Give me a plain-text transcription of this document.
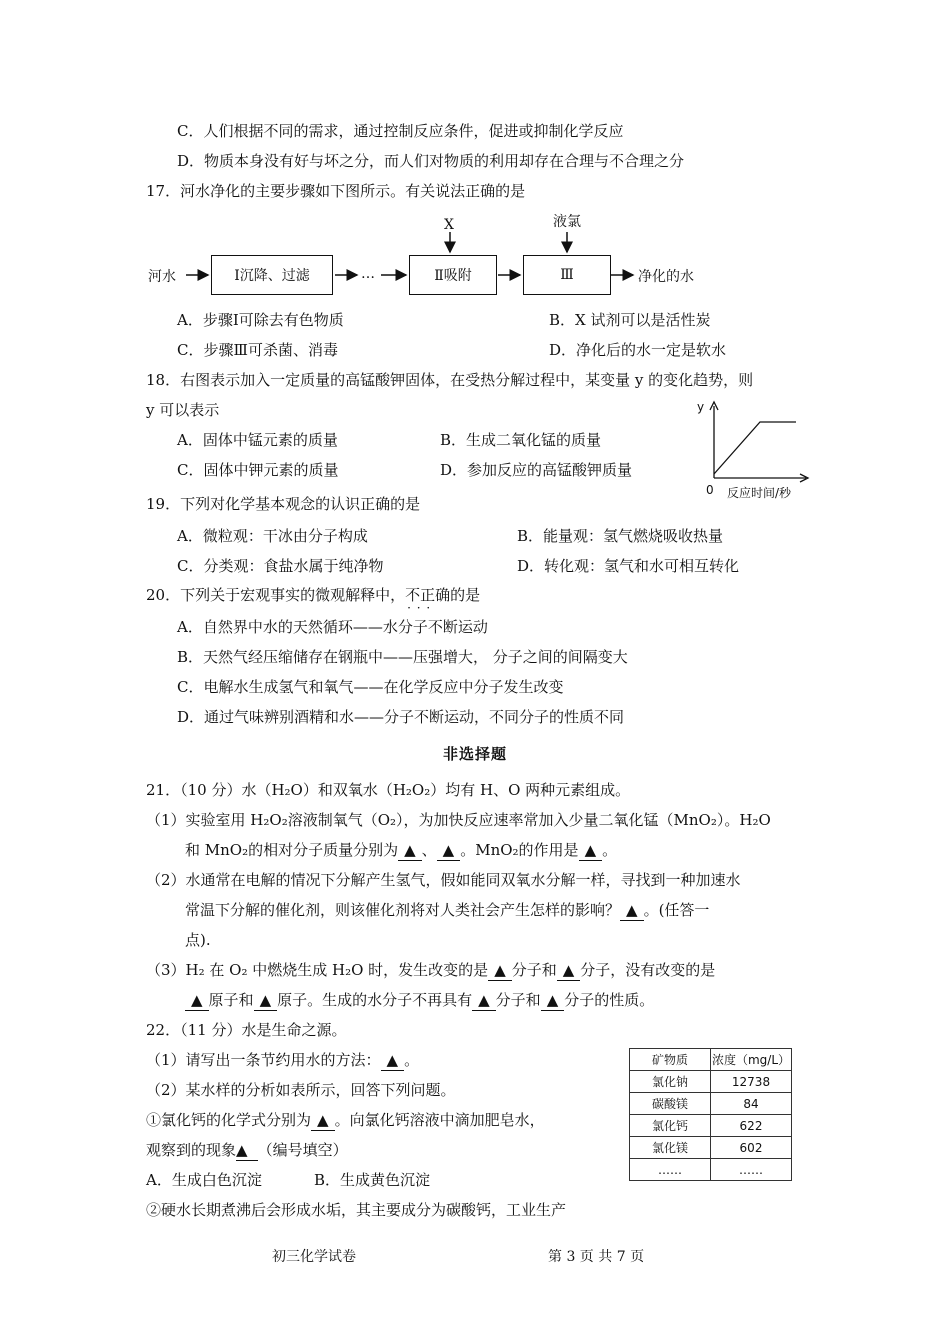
C．人们根据不同的需求，通过控制反应条件，促进或抑制化学反应
D．物质本身没有好与坏之分，而人们对物质的利用却存在合理与不合理之分
17．河水净化的主要步骤如下图所示。有关说法正确的是
河水	Ⅰ沉降、过滤	…	Ⅱ吸附	Ⅲ
X	液氯
净化的水
A．步骤Ⅰ可除去有色物质	B．X 试剂可以是活性炭
C．步骤Ⅲ可杀菌、消毒	D．净化后的水一定是软水
18．右图表示加入一定质量的高锰酸钾固体，在受热分解过程中，某变量 y 的变化趋势，则
y 可以表示
A．固体中锰元素的质量	B．生成二氧化锰的质量
C．固体中钾元素的质量	D．参加反应的高锰酸钾质量
y
0 反应时间/秒
19．下列对化学基本观念的认识正确的是
A．微粒观：干冰由分子构成	B．能量观：氢气燃烧吸收热量
C．分类观：食盐水属于纯净物	D．转化观：氢气和水可相互转化
20．下列关于宏观事实的微观解释中，不正确 · · ·的是
A．自然界中水的天然循环——水分子不断运动
B．天然气经压缩储存在钢瓶中——压强增大， 分子之间的间隔变大
C．电解水生成氢气和氧气——在化学反应中分子发生改变
D．通过气味辨别酒精和水——分子不断运动，不同分子的性质不同
非选择题
21．（10 分）水（H₂O）和双氧水（H₂O₂）均有 H、O 两种元素组成。
（1）实验室用 H₂O₂溶液制氧气（O₂），为加快反应速率常加入少量二氧化锰（MnO₂）。H₂O
和 MnO₂的相对分子质量分别为 ▲ 、 ▲ 。MnO₂的作用是 ▲ 。
（2）水通常在电解的情况下分解产生氢气，假如能同双氧水分解一样，寻找到一种加速水
常温下分解的催化剂，则该催化剂将对人类社会产生怎样的影响？ ▲ 。(任答一
点).
（3）H₂ 在 O₂ 中燃烧生成 H₂O 时，发生改变的是 ▲ 分子和 ▲ 分子，没有改变的是
▲ 原子和 ▲ 原子。生成的水分子不再具有 ▲ 分子和 ▲ 分子的性质。
22．（11 分）水是生命之源。
（1）请写出一条节约用水的方法： ▲ 。
（2）某水样的分析如表所示，回答下列问题。
①氯化钙的化学式分别为 ▲ 。向氯化钙溶液中滴加肥皂水，
观察到的现象▲ （编号填空）
A．生成白色沉淀	B．生成黄色沉淀
②硬水长期煮沸后会形成水垢，其主要成分为碳酸钙，工业生产
矿物质	浓度（mg/L）
氯化钠	12738
碳酸镁	84
氯化钙	622
氯化镁	602
……	……
初三化学试卷	第 3 页 共 7 页
